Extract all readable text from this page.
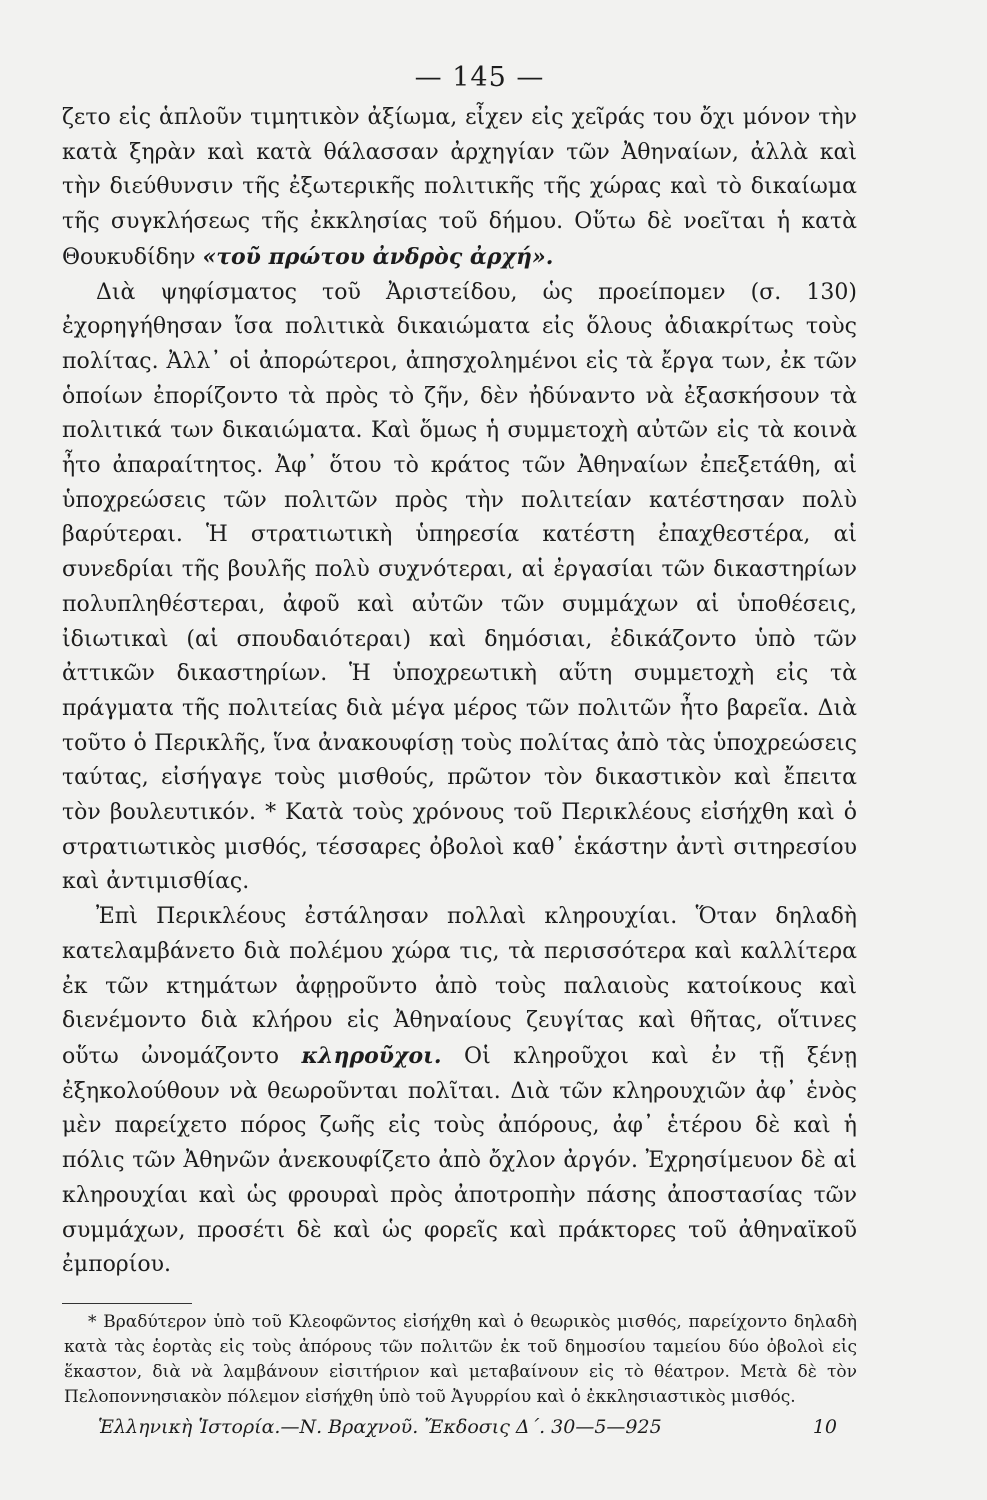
— 145 —

ζετο εἰς ἁπλοῦν τιμητικὸν ἀξίωμα, εἶχεν εἰς χεῖράς του ὄχι μόνον τὴν κατὰ ξηρὰν καὶ κατὰ θάλασσαν ἀρχηγίαν τῶν Ἀθηναίων, ἀλλὰ καὶ τὴν διεύθυνσιν τῆς ἐξωτερικῆς πολιτικῆς τῆς χώρας καὶ τὸ δικαίωμα τῆς συγκλήσεως τῆς ἐκκλησίας τοῦ δήμου. Οὕτω δὲ νοεῖται ἡ κατὰ Θουκυδίδην «τοῦ πρώτου ἀνδρὸς ἀρχή».

Διὰ ψηφίσματος τοῦ Ἀριστείδου, ὡς προείπομεν (σ. 130) ἐχορηγήθησαν ἴσα πολιτικὰ δικαιώματα εἰς ὅλους ἀδιακρίτως τοὺς πολίτας. Ἀλλ᾿ οἱ ἀπορώτεροι, ἀπησχολημένοι εἰς τὰ ἔργα των, ἐκ τῶν ὁποίων ἐπορίζοντο τὰ πρὸς τὸ ζῆν, δὲν ἠδύναντο νὰ ἐξασκήσουν τὰ πολιτικά των δικαιώματα. Καὶ ὅμως ἡ συμμετοχὴ αὐτῶν εἰς τὰ κοινὰ ἦτο ἀπαραίτητος. Ἀφ᾿ ὅτου τὸ κράτος τῶν Ἀθηναίων ἐπεξετάθη, αἱ ὑποχρεώσεις τῶν πολιτῶν πρὸς τὴν πολιτείαν κατέστησαν πολὺ βαρύτεραι. Ἡ στρατιωτικὴ ὑπηρεσία κατέστη ἐπαχθεστέρα, αἱ συνεδρίαι τῆς βουλῆς πολὺ συχνότεραι, αἱ ἐργασίαι τῶν δικαστηρίων πολυπληθέστεραι, ἀφοῦ καὶ αὐτῶν τῶν συμμάχων αἱ ὑποθέσεις, ἰδιωτικαὶ (αἱ σπουδαιότεραι) καὶ δημόσιαι, ἐδικάζοντο ὑπὸ τῶν ἀττικῶν δικαστηρίων. Ἡ ὑποχρεωτικὴ αὕτη συμμετοχὴ εἰς τὰ πράγματα τῆς πολιτείας διὰ μέγα μέρος τῶν πολιτῶν ἦτο βαρεῖα. Διὰ τοῦτο ὁ Περικλῆς, ἵνα ἀνακουφίσῃ τοὺς πολίτας ἀπὸ τὰς ὑποχρεώσεις ταύτας, εἰσήγαγε τοὺς μισθούς, πρῶτον τὸν δικαστικὸν καὶ ἔπειτα τὸν βουλευτικόν. * Κατὰ τοὺς χρόνους τοῦ Περικλέους εἰσήχθη καὶ ὁ στρατιωτικὸς μισθός, τέσσαρες ὀβολοὶ καθ᾿ ἑκάστην ἀντὶ σιτηρεσίου καὶ ἀντιμισθίας.

Ἐπὶ Περικλέους ἐστάλησαν πολλαὶ κληρουχίαι. Ὅταν δηλαδὴ κατελαμβάνετο διὰ πολέμου χώρα τις, τὰ περισσότερα καὶ καλλίτερα ἐκ τῶν κτημάτων ἀφῃροῦντο ἀπὸ τοὺς παλαιοὺς κατοίκους καὶ διενέμοντο διὰ κλήρου εἰς Ἀθηναίους ζευγίτας καὶ θῆτας, οἵτινες οὕτω ὠνομάζοντο κληροῦχοι. Οἱ κληροῦχοι καὶ ἐν τῇ ξένῃ ἐξηκολούθουν νὰ θεωροῦνται πολῖται. Διὰ τῶν κληρουχιῶν ἀφ᾿ ἑνὸς μὲν παρείχετο πόρος ζωῆς εἰς τοὺς ἀπόρους, ἀφ᾿ ἑτέρου δὲ καὶ ἡ πόλις τῶν Ἀθηνῶν ἀνεκουφίζετο ἀπὸ ὄχλον ἀργόν. Ἐχρησίμευον δὲ αἱ κληρουχίαι καὶ ὡς φρουραὶ πρὸς ἀποτροπὴν πάσης ἀποστασίας τῶν συμμάχων, προσέτι δὲ καὶ ὡς φορεῖς καὶ πράκτορες τοῦ ἀθηναϊκοῦ ἐμπορίου.

* Βραδύτερον ὑπὸ τοῦ Κλεοφῶντος εἰσήχθη καὶ ὁ θεωρικὸς μισθός, παρείχοντο δηλαδὴ κατὰ τὰς ἑορτὰς εἰς τοὺς ἀπόρους τῶν πολιτῶν ἐκ τοῦ δημοσίου ταμείου δύο ὀβολοὶ εἰς ἕκαστον, διὰ νὰ λαμβάνουν εἰσιτήριον καὶ μεταβαίνουν εἰς τὸ θέατρον. Μετὰ δὲ τὸν Πελοποννησιακὸν πόλεμον εἰσήχθη ὑπὸ τοῦ Ἀγυρρίου καὶ ὁ ἐκκλησιαστικὸς μισθός.

Ἑλληνικὴ Ἱστορία.—Ν. Βραχνοῦ. Ἔκδοσις Δ΄. 30—5—925	10
